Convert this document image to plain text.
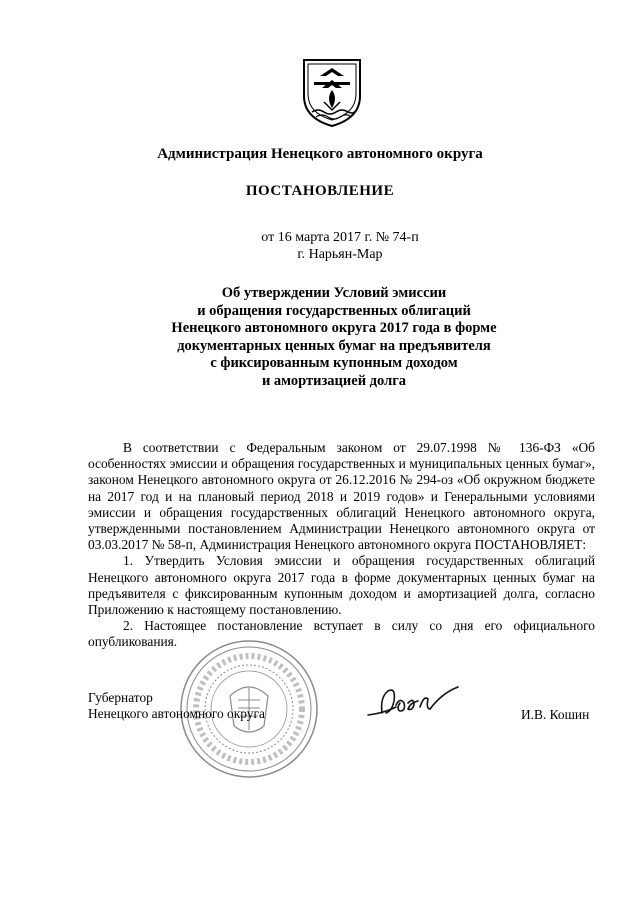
Администрация Ненецкого автономного округа
ПОСТАНОВЛЕНИЕ
от 16 марта 2017 г. № 74-п
г. Нарьян-Мар
Об утверждении Условий эмиссии
и обращения государственных облигаций
Ненецкого автономного округа 2017 года в форме
документарных ценных бумаг на предъявителя
с фиксированным купонным доходом
и амортизацией долга

В соответствии с Федеральным законом от 29.07.1998 № 136-ФЗ «Об особенностях эмиссии и обращения государственных и муниципальных ценных бумаг», законом Ненецкого автономного округа от 26.12.2016 № 294-оз «Об окружном бюджете на 2017 год и на плановый период 2018 и 2019 годов» и Генеральными условиями эмиссии и обращения государственных облигаций Ненецкого автономного округа, утвержденными постановлением Администрации Ненецкого автономного округа от 03.03.2017 № 58-п, Администрация Ненецкого автономного округа ПОСТАНОВЛЯЕТ:

1. Утвердить Условия эмиссии и обращения государственных облигаций Ненецкого автономного округа 2017 года в форме документарных ценных бумаг на предъявителя с фиксированным купонным доходом и амортизацией долга, согласно Приложению к настоящему постановлению.

2. Настоящее постановление вступает в силу со дня его официального опубликования.

Губернатор
Ненецкого автономного округа	И.В. Кошин
